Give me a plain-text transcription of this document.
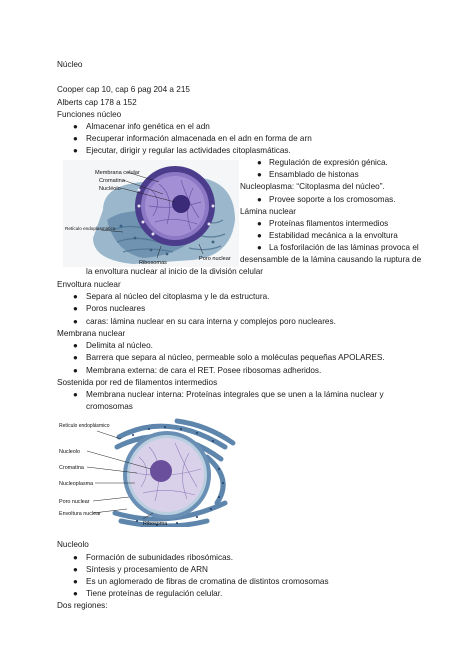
Núcleo
Cooper cap 10, cap 6 pag 204 a 215
Alberts cap 178 a 152
Funciones núcleo
● Almacenar info genética en el adn
● Recuperar información almacenada en el adn en forma de arn
● Ejecutar, dirigir y regular las actividades citoplasmáticas.
Membrana celular
Cromatina
Nucléolo
Retículo endoplasmático
Ribosomas
Poro nuclear
● Regulación de expresión génica.
● Ensamblado de histonas
Nucleoplasma: “Citoplasma del núcleo”.
● Provee soporte a los cromosomas.
Lámina nuclear
● Proteínas filamentos intermedios
● Estabilidad mecánica a la envoltura
● La fosforilación de las láminas provoca el
desensamble de la lámina causando la ruptura de
la envoltura nuclear al inicio de la división celular
Envoltura nuclear
● Separa al núcleo del citoplasma y le da estructura.
● Poros nucleares
● caras: lámina nuclear en su cara interna y complejos poro nucleares.
Membrana nuclear
● Delimita al núcleo.
● Barrera que separa al núcleo, permeable solo a moléculas pequeñas APOLARES.
● Membrana externa: de cara el RET. Posee ribosomas adheridos.
Sostenida por red de filamentos intermedios
● Membrana nuclear interna: Proteínas integrales que se unen a la lámina nuclear y
cromosomas
Retículo endoplásmico
Nucleolo
Cromatina
Nucleoplasma
Poro nuclear
Envoltura nuclear
Ribosoma
Nucleolo
● Formación de subunidades ribosómicas.
● Síntesis y procesamiento de ARN
● Es un aglomerado de fibras de cromatina de distintos cromosomas
● Tiene proteínas de regulación celular.
Dos regiones:
